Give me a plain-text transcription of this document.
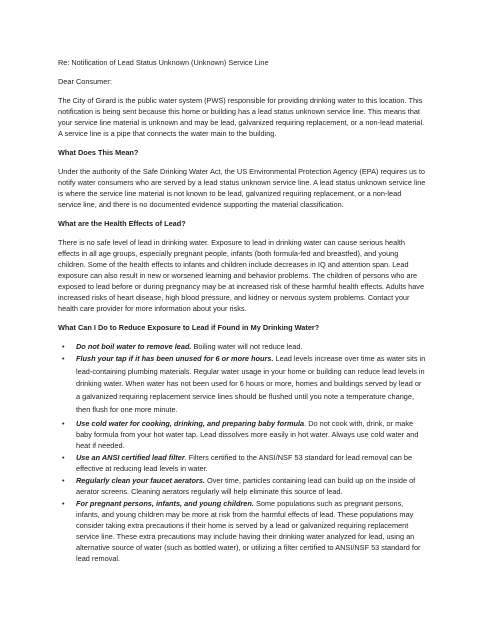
Re: Notification of Lead Status Unknown (Unknown) Service Line

Dear Consumer:

The City of Girard is the public water system (PWS) responsible for providing drinking water to this location. This notification is being sent because this home or building has a lead status unknown service line. This means that your service line material is unknown and may be lead, galvanized requiring replacement, or a non-lead material. A service line is a pipe that connects the water main to the building.

What Does This Mean?

Under the authority of the Safe Drinking Water Act, the US Environmental Protection Agency (EPA) requires us to notify water consumers who are served by a lead status unknown service line. A lead status unknown service line is where the service line material is not known to be lead, galvanized requiring replacement, or a non-lead service line, and there is no documented evidence supporting the material classification.

What are the Health Effects of Lead?

There is no safe level of lead in drinking water. Exposure to lead in drinking water can cause serious health effects in all age groups, especially pregnant people, infants (both formula-fed and breastfed), and young children. Some of the health effects to infants and children include decreases in IQ and attention span. Lead exposure can also result in new or worsened learning and behavior problems. The children of persons who are exposed to lead before or during pregnancy may be at increased risk of these harmful health effects. Adults have increased risks of heart disease, high blood pressure, and kidney or nervous system problems. Contact your health care provider for more information about your risks.

What Can I Do to Reduce Exposure to Lead if Found in My Drinking Water?
• Do not boil water to remove lead. Boiling water will not reduce lead.
• Flush your tap if it has been unused for 6 or more hours. Lead levels increase over time as water sits in lead-containing plumbing materials. Regular water usage in your home or building can reduce lead levels in drinking water. When water has not been used for 6 hours or more, homes and buildings served by lead or a galvanized requiring replacement service lines should be flushed until you note a temperature change, then flush for one more minute.
• Use cold water for cooking, drinking, and preparing baby formula. Do not cook with, drink, or make baby formula from your hot water tap. Lead dissolves more easily in hot water. Always use cold water and heat if needed.
• Use an ANSI certified lead filter. Filters certified to the ANSI/NSF 53 standard for lead removal can be effective at reducing lead levels in water.
• Regularly clean your faucet aerators. Over time, particles containing lead can build up on the inside of aerator screens. Cleaning aerators regularly will help eliminate this source of lead.
• For pregnant persons, infants, and young children. Some populations such as pregnant persons, infants, and young children may be more at risk from the harmful effects of lead. These populations may consider taking extra precautions if their home is served by a lead or galvanized requiring replacement service line. These extra precautions may include having their drinking water analyzed for lead, using an alternative source of water (such as bottled water), or utilizing a filter certified to ANSI/NSF 53 standard for lead removal.
